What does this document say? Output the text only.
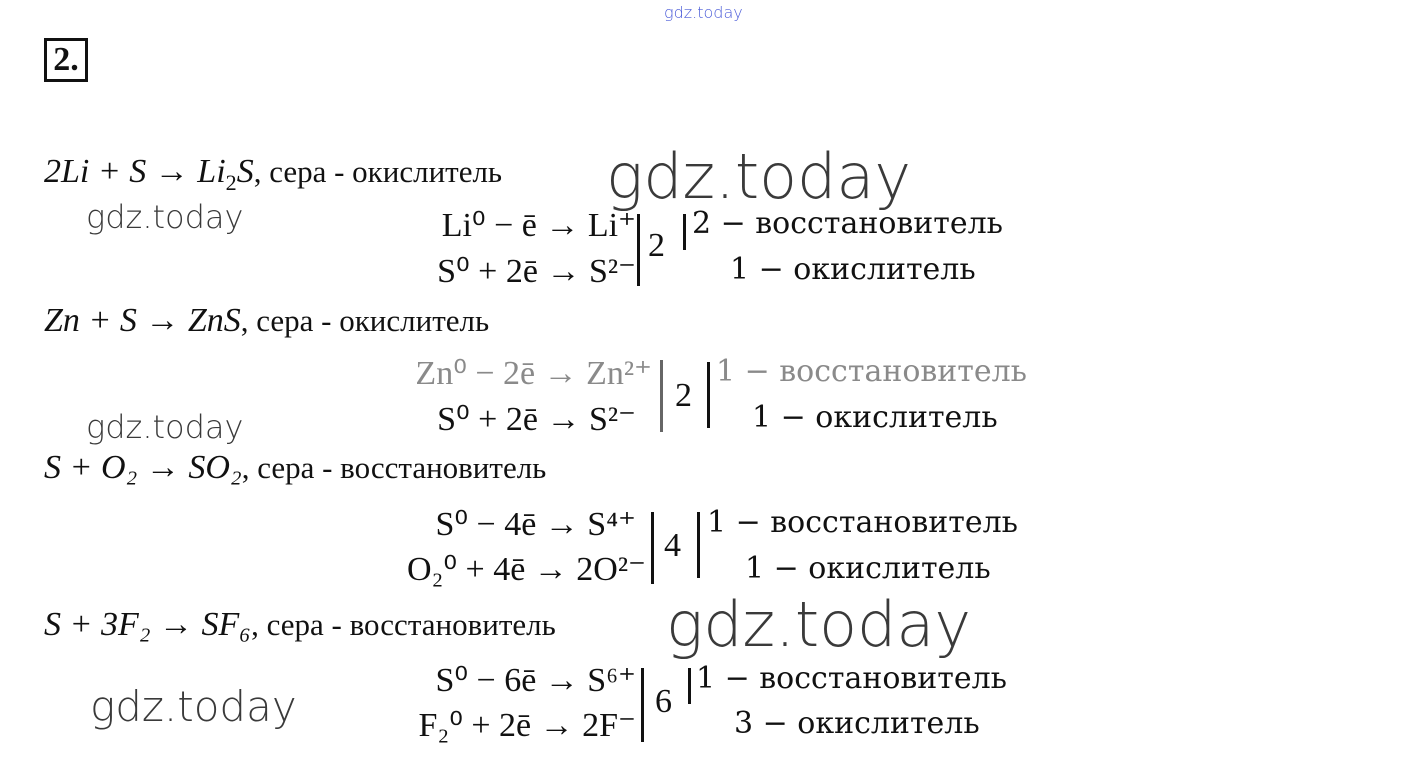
gdz.today
2.
$2Li + S \to Li_2S$, сера - окислитель gdz.today
gdz.today	Li⁰ − ē → Li⁺
S⁰ + 2ē → S²⁻
2
2 − восстановитель
1 − окислитель
Zn + S → ZnS, сера - окислитель
Zn⁰ − 2ē → Zn²⁺
S⁰ + 2ē → S²⁻
2
1 − восстановитель
1 − окислитель
gdz.today
S + O₂ → SO₂, сера - восстановитель
S⁰ − 4ē → S⁴⁺
O₂⁰ + 4ē → 2O²⁻
4
1 − восстановитель
1 − окислитель
S + 3F₂ → SF₆, сера - восстановитель gdz.today
S⁰ − 6ē → S⁶⁺
F₂⁰ + 2ē → 2F⁻
6
1 − восстановитель
3 − окислитель
gdz.today
